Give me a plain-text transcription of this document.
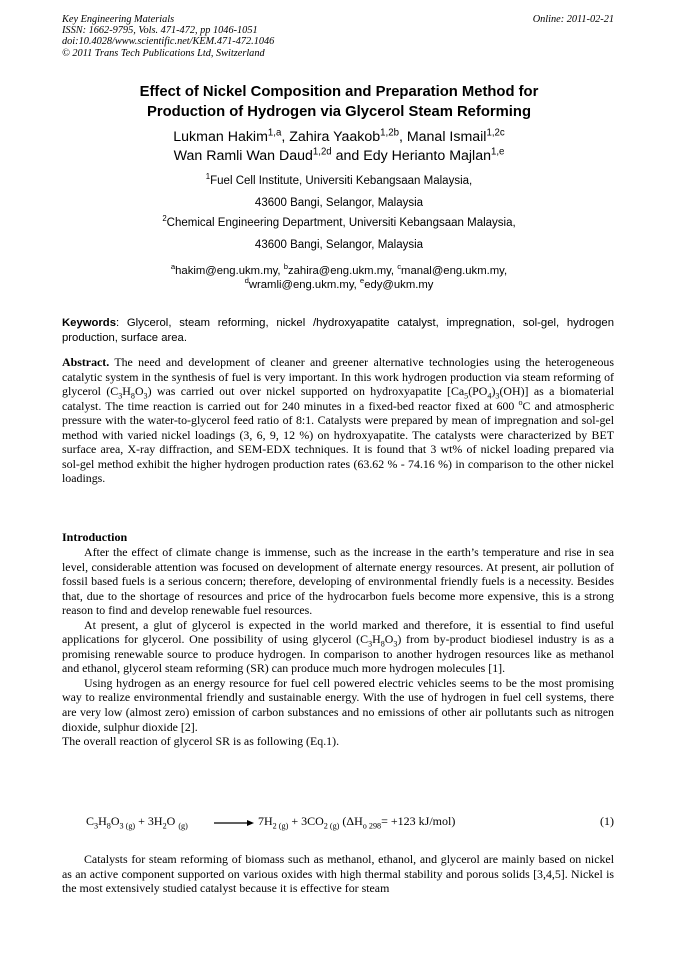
Key Engineering Materials
ISSN: 1662-9795, Vols. 471-472, pp 1046-1051
doi:10.4028/www.scientific.net/KEM.471-472.1046
© 2011 Trans Tech Publications Ltd, Switzerland
Online: 2011-02-21
Effect of Nickel Composition and Preparation Method for
Production of Hydrogen via Glycerol Steam Reforming
Lukman Hakim$^{1,a}$, Zahira Yaakob$^{1,2b}$, Manal Ismail$^{1,2c}$
Wan Ramli Wan Daud$^{1,2d}$ and Edy Herianto Majlan$^{1,e}$
$^1$Fuel Cell Institute, Universiti Kebangsaan Malaysia,
43600 Bangi, Selangor, Malaysia
$^2$Chemical Engineering Department, Universiti Kebangsaan Malaysia,
43600 Bangi, Selangor, Malaysia
$^a$hakim@eng.ukm.my, $^b$zahira@eng.ukm.my, $^c$manal@eng.ukm.my,
$^d$wramli@eng.ukm.my, $^e$edy@ukm.my
Keywords: Glycerol, steam reforming, nickel /hydroxyapatite catalyst, impregnation, sol-gel, hydrogen production, surface area.
Abstract. The need and development of cleaner and greener alternative technologies using the heterogeneous catalytic system in the synthesis of fuel is very important. In this work hydrogen production via steam reforming of glycerol $(C_3H_8O_3)$ was carried out over nickel supported on hydroxyapatite $[Ca_5(PO_4)_3(OH)]$ as a biomaterial catalyst. The time reaction is carried out for 240 minutes in a fixed-bed reactor fixed at 600 $^o$C and atmospheric pressure with the water-to-glycerol feed ratio of 8:1. Catalysts were prepared by mean of impregnation and sol-gel method with varied nickel loadings (3, 6, 9, 12 %) on hydroxyapatite. The catalysts were characterized by BET surface area, X-ray diffraction, and SEM-EDX techniques. It is found that 3 wt% of nickel loading prepared via sol-gel method exhibit the higher hydrogen production rates (63.62 % - 74.16 %) in comparison to the other nickel loadings.
Introduction

After the effect of climate change is immense, such as the increase in the earth’s temperature and rise in sea level, considerable attention was focused on development of alternate energy resources. At present, air pollution of fossil based fuels is a serious concern; therefore, developing of environmental friendly fuels is a necessity. Besides that, due to the shortage of resources and price of the hydrocarbon fuels become more expensive, this is a strong reason to find and develop renewable fuel resources.

At present, a glut of glycerol is expected in the world marked and therefore, it is essential to find useful applications for glycerol. One possibility of using glycerol $(C_3H_8O_3)$ from by-product biodiesel industry is as a promising renewable source to produce hydrogen. In comparison to another hydrogen resources like as methanol and ethanol, glycerol steam reforming (SR) can produce much more hydrogen molecules [1].

Using hydrogen as an energy resource for fuel cell powered electric vehicles seems to be the most promising way to realize environmental friendly and sustainable energy. With the use of hydrogen in fuel cell systems, there are very low (almost zero) emission of carbon substances and no emissions of other air pollutants such as nitrogen dioxide, sulphur dioxide [2].

The overall reaction of glycerol SR is as following (Eq.1).

$C_3H_8O_{3 (g)} + 3H_2O$ $_{(g)} \to 7H_{2 (g)} + 3CO_{2 (g)}$ ($\Delta H_{o 298}= +123$ kJ/mol)	(1)

Catalysts for steam reforming of biomass such as methanol, ethanol, and glycerol are mainly based on nickel as an active component supported on various oxides with high thermal stability and porous solids [3,4,5]. Nickel is the most extensively studied catalyst because it is effective for steam
